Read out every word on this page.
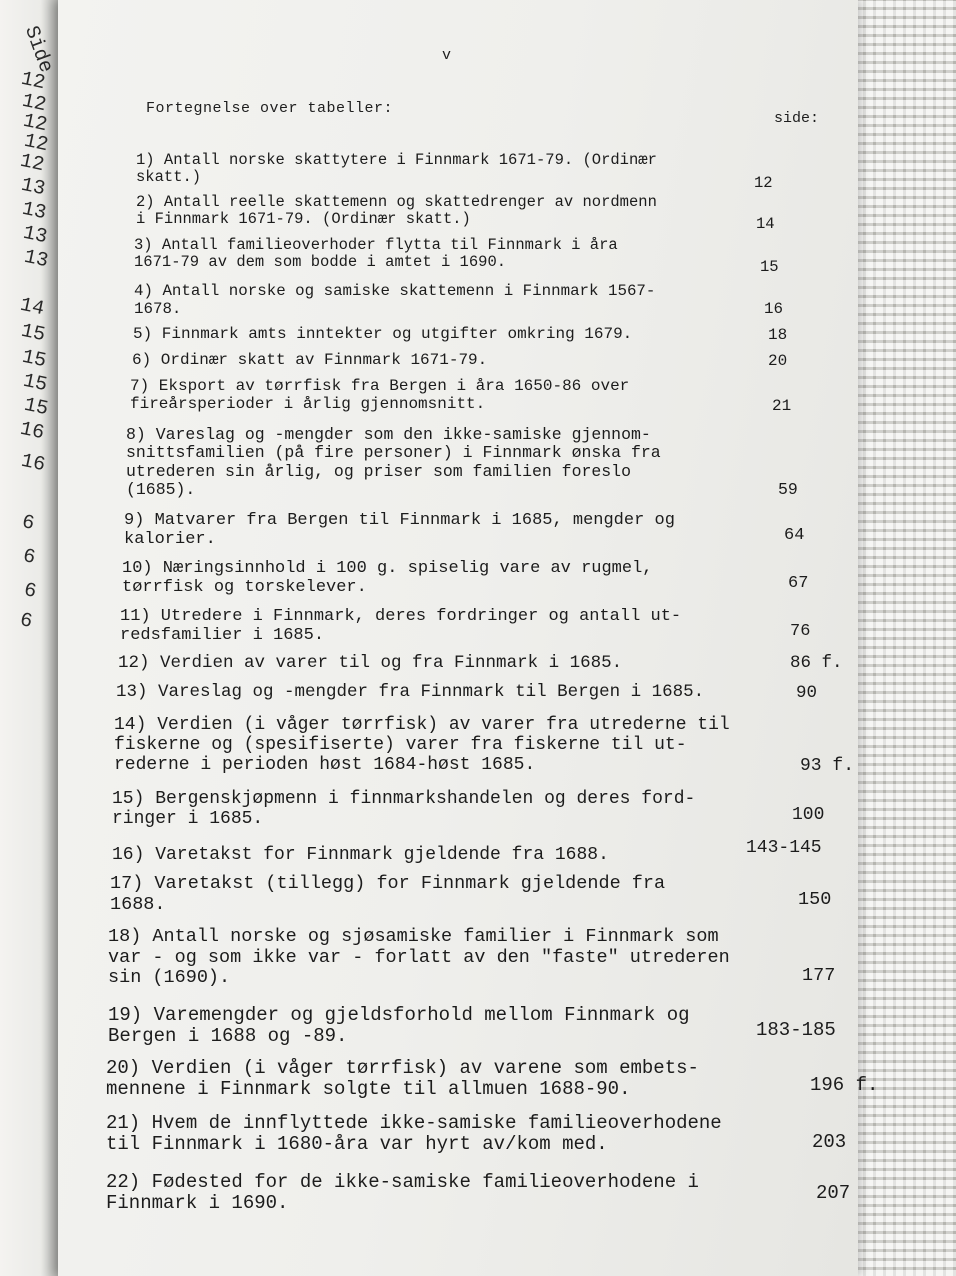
Side
12
12
12
12
12
13
13
13
13
14
15
15
15
15
16
16
6
6
6
6
v
Fortegnelse over tabeller:
side:
1) Antall norske skattytere i Finnmark 1671-79. (Ordinær
skatt.)	12
2) Antall reelle skattemenn og skattedrenger av nordmenn
i Finnmark 1671-79. (Ordinær skatt.)	14
3) Antall familieoverhoder flytta til Finnmark i åra
1671-79 av dem som bodde i amtet i 1690.	15
4) Antall norske og samiske skattemenn i Finnmark 1567-
1678.	16
5) Finnmark amts inntekter og utgifter omkring 1679.	18
6) Ordinær skatt av Finnmark 1671-79.	20
7) Eksport av tørrfisk fra Bergen i åra 1650-86 over
fireårsperioder i årlig gjennomsnitt.	21
8) Vareslag og -mengder som den ikke-samiske gjennom-
snittsfamilien (på fire personer) i Finnmark ønska fra
utrederen sin årlig, og priser som familien foreslo
(1685).	59
9) Matvarer fra Bergen til Finnmark i 1685, mengder og
kalorier.	64
10) Næringsinnhold i 100 g. spiselig vare av rugmel,
tørrfisk og torskelever.	67
11) Utredere i Finnmark, deres fordringer og antall ut-
redsfamilier i 1685.	76
12) Verdien av varer til og fra Finnmark i 1685.	86 f.
13) Vareslag og -mengder fra Finnmark til Bergen i 1685.	90
14) Verdien (i våger tørrfisk) av varer fra utrederne til
fiskerne og (spesifiserte) varer fra fiskerne til ut-
rederne i perioden høst 1684-høst 1685.	93 f.
15) Bergenskjøpmenn i finnmarkshandelen og deres ford-
ringer i 1685.	100
16) Varetakst for Finnmark gjeldende fra 1688.	143-145
17) Varetakst (tillegg) for Finnmark gjeldende fra
1688.	150
18) Antall norske og sjøsamiske familier i Finnmark som
var - og som ikke var - forlatt av den "faste" utrederen
sin (1690).	177
19) Varemengder og gjeldsforhold mellom Finnmark og
Bergen i 1688 og -89.	183-185
20) Verdien (i våger tørrfisk) av varene som embets-
mennene i Finnmark solgte til allmuen 1688-90.	196 f.
21) Hvem de innflyttede ikke-samiske familieoverhodene
til Finnmark i 1680-åra var hyrt av/kom med.	203
22) Fødested for de ikke-samiske familieoverhodene i
Finnmark i 1690.	207
